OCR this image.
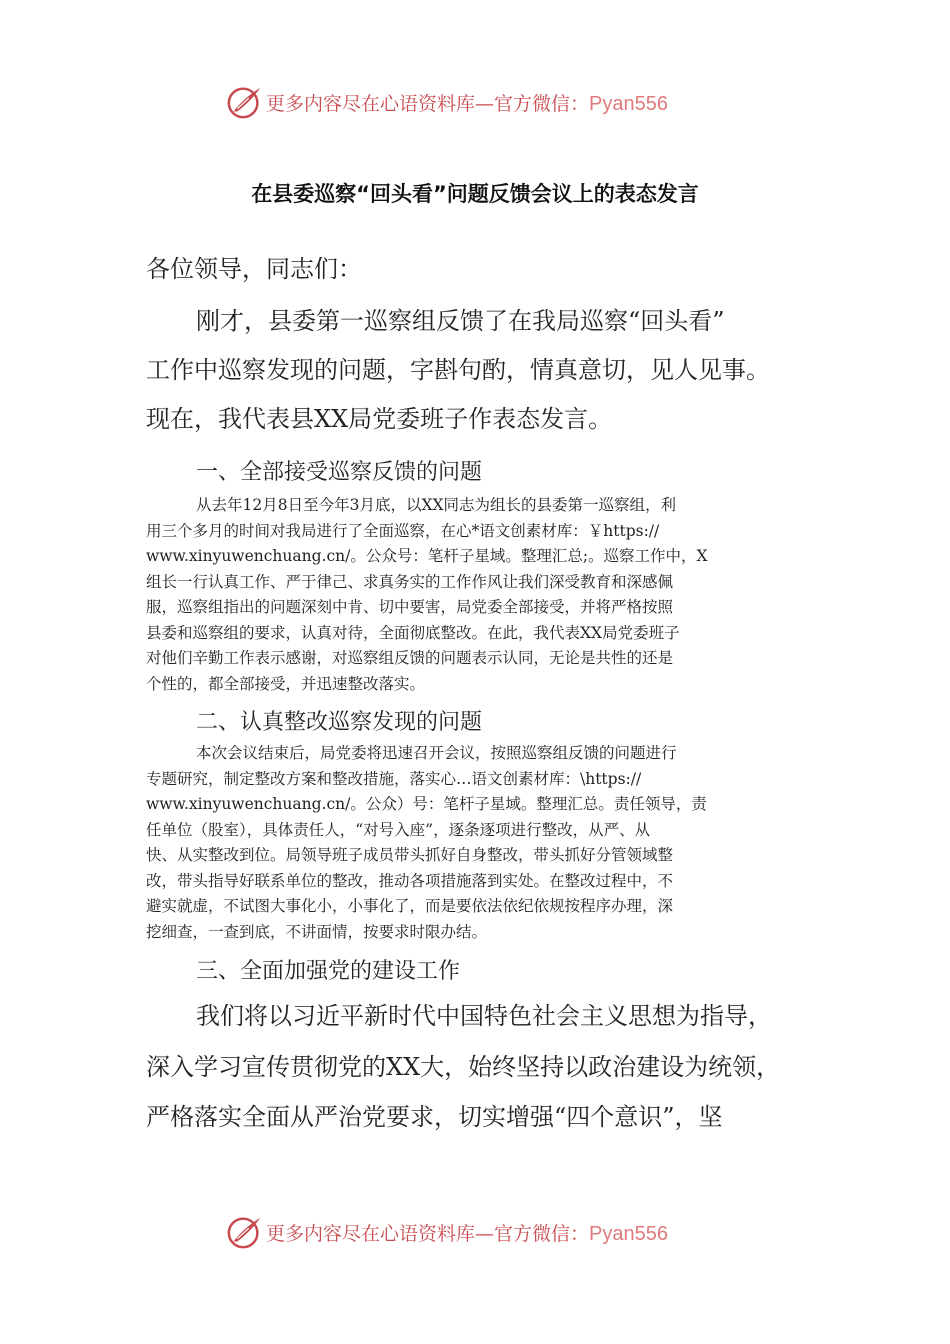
更多内容尽在心语资料库—官方微信：Pyan556
在县委巡察“回头看”问题反馈会议上的表态发言
各位领导，同志们：
刚才，县委第一巡察组反馈了在我局巡察“回头看”
工作中巡察发现的问题，字斟句酌，情真意切，见人见事。
现在，我代表县XX局党委班子作表态发言。
一、全部接受巡察反馈的问题
从去年12月8日至今年3月底，以XX同志为组长的县委第一巡察组，利
用三个多月的时间对我局进行了全面巡察，在心*语文创素材库：￥https://
www.xinyuwenchuang.cn/。公众号：笔杆子星域。整理汇总;。巡察工作中，X
组长一行认真工作、严于律己、求真务实的工作作风让我们深受教育和深感佩
服，巡察组指出的问题深刻中肯、切中要害，局党委全部接受，并将严格按照
县委和巡察组的要求，认真对待，全面彻底整改。在此，我代表XX局党委班子
对他们辛勤工作表示感谢，对巡察组反馈的问题表示认同，无论是共性的还是
个性的，都全部接受，并迅速整改落实。
二、认真整改巡察发现的问题
本次会议结束后，局党委将迅速召开会议，按照巡察组反馈的问题进行
专题研究，制定整改方案和整改措施，落实心…语文创素材库：\https://
www.xinyuwenchuang.cn/。公众）号：笔杆子星域。整理汇总。责任领导，责
任单位（股室），具体责任人，“对号入座”，逐条逐项进行整改，从严、从
快、从实整改到位。局领导班子成员带头抓好自身整改，带头抓好分管领域整
改，带头指导好联系单位的整改，推动各项措施落到实处。在整改过程中，不
避实就虚，不试图大事化小，小事化了，而是要依法依纪依规按程序办理，深
挖细查，一查到底，不讲面情，按要求时限办结。
三、全面加强党的建设工作
我们将以习近平新时代中国特色社会主义思想为指导，
深入学习宣传贯彻党的XX大，始终坚持以政治建设为统领，
严格落实全面从严治党要求，切实增强“四个意识”，坚
更多内容尽在心语资料库—官方微信：Pyan556
